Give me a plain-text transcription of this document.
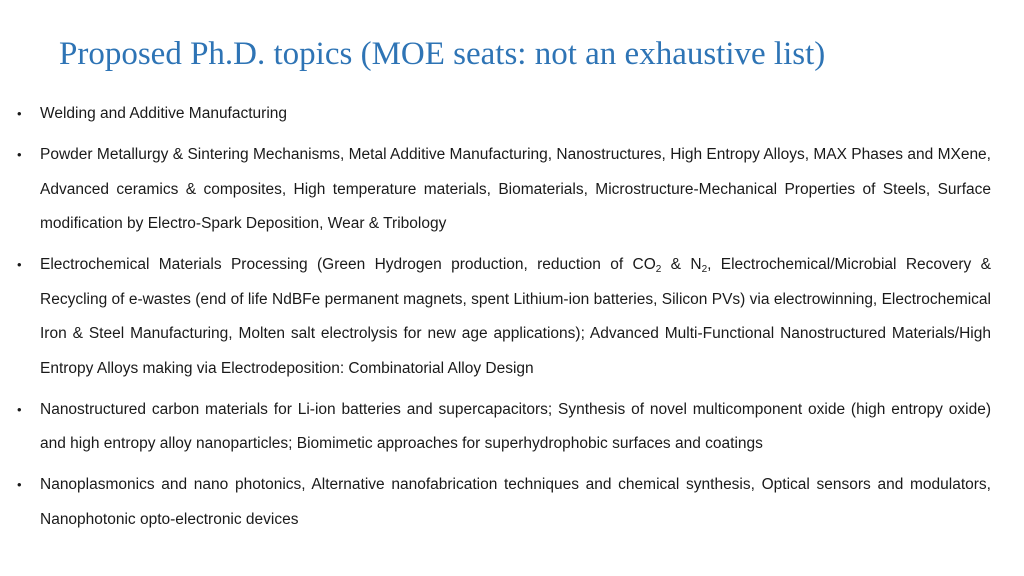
Proposed Ph.D. topics (MOE seats: not an exhaustive list)
• Welding and Additive Manufacturing
• Powder Metallurgy & Sintering Mechanisms, Metal Additive Manufacturing, Nanostructures, High Entropy Alloys, MAX Phases and MXene, Advanced ceramics & composites, High temperature materials, Biomaterials, Microstructure-Mechanical Properties of Steels, Surface modification by Electro-Spark Deposition, Wear & Tribology
• Electrochemical Materials Processing (Green Hydrogen production, reduction of $CO_2$ & $N_2$, Electrochemical/Microbial Recovery & Recycling of e-wastes (end of life NdBFe permanent magnets, spent Lithium-ion batteries, Silicon PVs) via electrowinning, Electrochemical Iron & Steel Manufacturing, Molten salt electrolysis for new age applications); Advanced Multi-Functional Nanostructured Materials/High Entropy Alloys making via Electrodeposition: Combinatorial Alloy Design
• Nanostructured carbon materials for Li-ion batteries and supercapacitors; Synthesis of novel multicomponent oxide (high entropy oxide) and high entropy alloy nanoparticles; Biomimetic approaches for superhydrophobic surfaces and coatings
• Nanoplasmonics and nano photonics, Alternative nanofabrication techniques and chemical synthesis, Optical sensors and modulators, Nanophotonic opto-electronic devices
